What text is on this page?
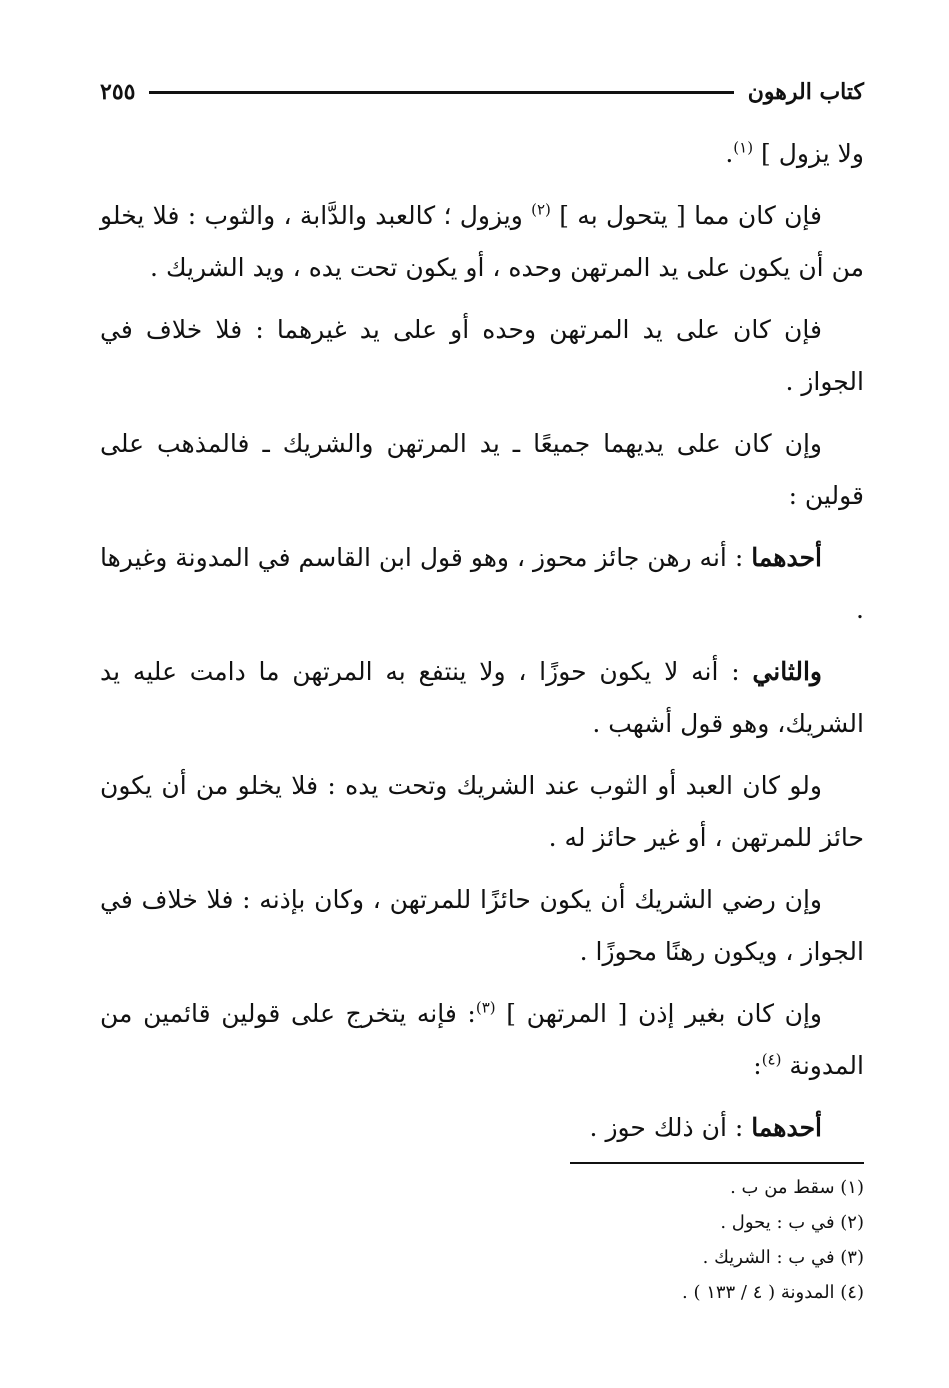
كتاب الرهون
٢٥٥

ولا يزول ] $^{(١)}$.

فإن كان مما [ يتحول به ] $^{(٢)}$ ويزول ؛ كالعبد والدَّابة ، والثوب : فلا يخلو من أن يكون على يد المرتهن وحده ، أو يكون تحت يده ، ويد الشريك .

فإن كان على يد المرتهن وحده أو على يد غيرهما : فلا خلاف في الجواز .

وإن كان على يديهما جميعًا ـ يد المرتهن والشريك ـ فالمذهب على قولين :

أحدهما : أنه رهن جائز محوز ، وهو قول ابن القاسم في المدونة وغيرها .

والثاني : أنه لا يكون حوزًا ، ولا ينتفع به المرتهن ما دامت عليه يد الشريك، وهو قول أشهب .

ولو كان العبد أو الثوب عند الشريك وتحت يده : فلا يخلو من أن يكون حائز للمرتهن ، أو غير حائز له .

وإن رضي الشريك أن يكون حائزًا للمرتهن ، وكان بإذنه : فلا خلاف في الجواز ، ويكون رهنًا محوزًا .

وإن كان بغير إذن [ المرتهن ] $^{(٣)}$: فإنه يتخرج على قولين قائمين من المدونة $^{(٤)}$:

أحدهما : أن ذلك حوز .

(١) سقط من ب .
(٢) في ب : يحول .
(٣) في ب : الشريك .
(٤) المدونة ( ٤ / ١٣٣ ) .
